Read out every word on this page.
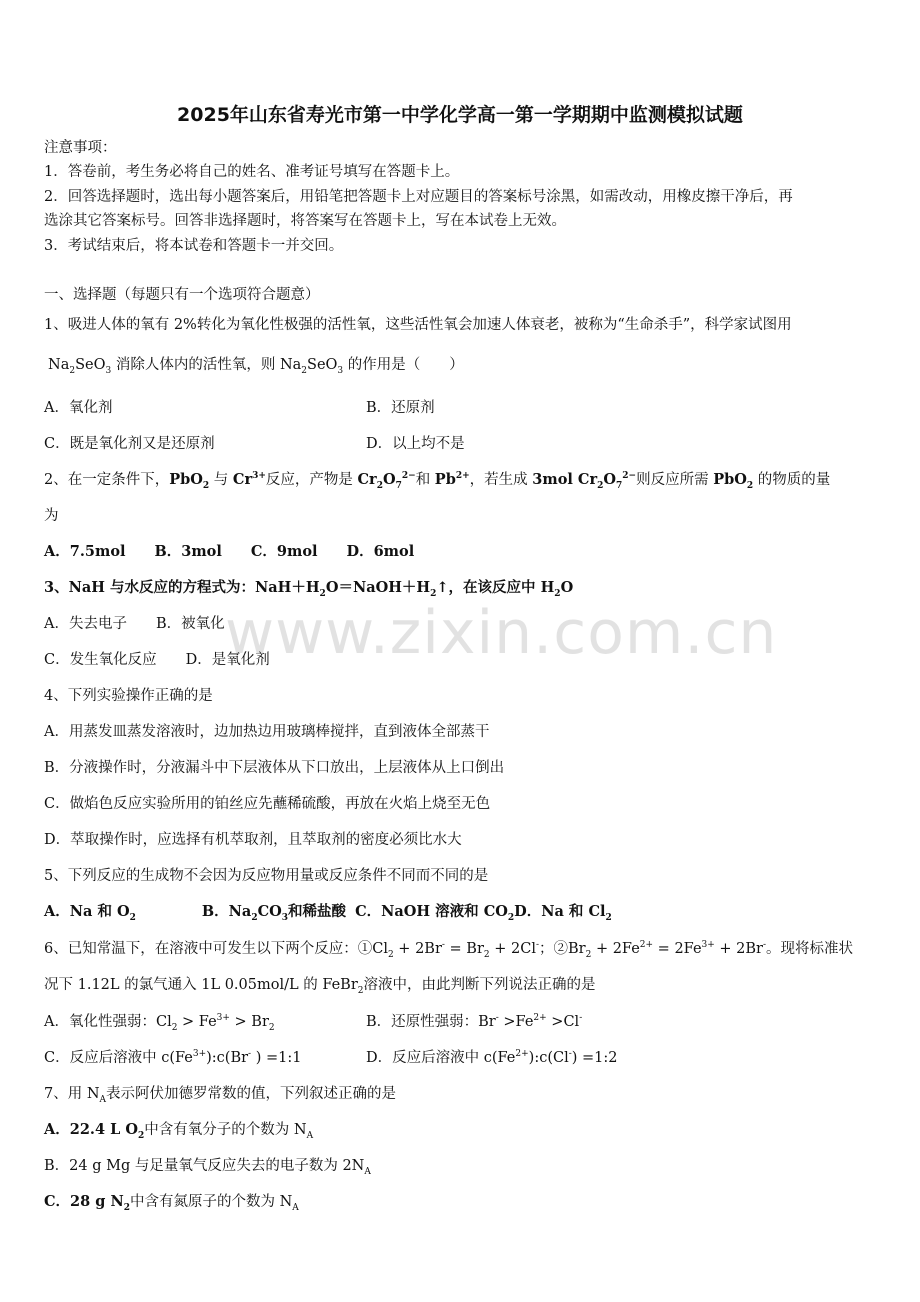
2025年山东省寿光市第一中学化学高一第一学期期中监测模拟试题
www.zixin.com.cn
注意事项：
1．答卷前，考生务必将自己的姓名、准考证号填写在答题卡上。
2．回答选择题时，选出每小题答案后，用铅笔把答题卡上对应题目的答案标号涂黑，如需改动，用橡皮擦干净后，再
选涂其它答案标号。回答非选择题时，将答案写在答题卡上，写在本试卷上无效。
3．考试结束后，将本试卷和答题卡一并交回。
一、选择题（每题只有一个选项符合题意）
1、吸进人体的氧有 2%转化为氧化性极强的活性氧，这些活性氧会加速人体衰老，被称为“生命杀手”，科学家试图用
$Na_2SeO_3$ 消除人体内的活性氧，则 $Na_2SeO_3$ 的作用是（　　）
A．氧化剂	B．还原剂
C．既是氧化剂又是还原剂	D．以上均不是
2、在一定条件下，PbO$_2$ 与 $Cr^{3+}$反应，产物是 $Cr_2O_7^{2-}$和 $Pb^{2+}$，若生成 3mol $Cr_2O_7^{2-}$则反应所需 PbO$_2$ 的物质的量
为
A．7.5mol　　B．3mol　　C．9mol　　D．6mol
3、NaH 与水反应的方程式为：$NaH+H_2O=NaOH+H_2↑$，在该反应中 $H_2O$
A．失去电子　　B．被氧化
C．发生氧化反应　　D．是氧化剂
4、下列实验操作正确的是
A．用蒸发皿蒸发溶液时，边加热边用玻璃棒搅拌，直到液体全部蒸干
B．分液操作时，分液漏斗中下层液体从下口放出，上层液体从上口倒出
C．做焰色反应实验所用的铂丝应先蘸稀硫酸，再放在火焰上烧至无色
D．萃取操作时，应选择有机萃取剂，且萃取剂的密度必须比水大
5、下列反应的生成物不会因为反应物用量或反应条件不同而不同的是
A．Na 和 $O_2$	B．$Na_2CO_3$和稀盐酸 C．NaOH 溶液和 $CO_2D$．Na 和 $Cl_2$
6、已知常温下，在溶液中可发生以下两个反应：$①Cl_2 + 2Br^- = Br_2 + 2Cl^-$；$②Br_2 + 2Fe^{2+} = 2Fe^{3+} + 2Br^-$。现将标准状
况下 1.12L 的氯气通入 1L 0.05mol/L 的 FeBr$_2$溶液中，由此判断下列说法正确的是
A．氧化性强弱：$Cl_2 > Fe^{3+} > Br_2$	B．还原性强弱：$Br^- >Fe^{2+} >Cl^-$
C．反应后溶液中 $c(Fe^{3+}):c(Br^-$ ) =1:1	D．反应后溶液中 $c(Fe^{2+}):c(Cl^-)$ =1:2
7、用 $N_A$表示阿伏加德罗常数的值，下列叙述正确的是
A．22.4 L $O_2$中含有氧分子的个数为 $N_A$
B．24 g Mg 与足量氧气反应失去的电子数为 $2N_A$
C．28 g $N_2$中含有氮原子的个数为 $N_A$
